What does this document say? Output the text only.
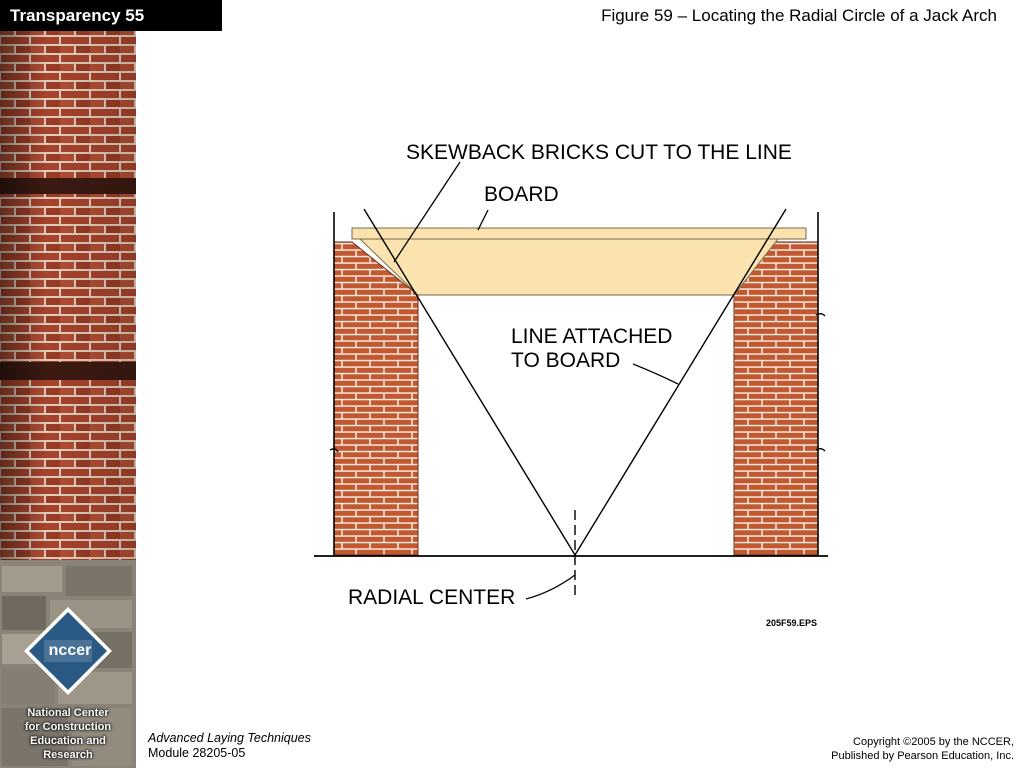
nccer
National Center
for Construction
Education and
Research
Transparency 55	Figure 59 – Locating the Radial Circle of a Jack Arch
SKEWBACK BRICKS CUT TO THE LINE
BOARD
LINE ATTACHED
TO BOARD
RADIAL CENTER
205F59.EPS
Advanced Laying Techniques
Module 28205-05
Copyright ©2005 by the NCCER,
Published by Pearson Education, Inc.
